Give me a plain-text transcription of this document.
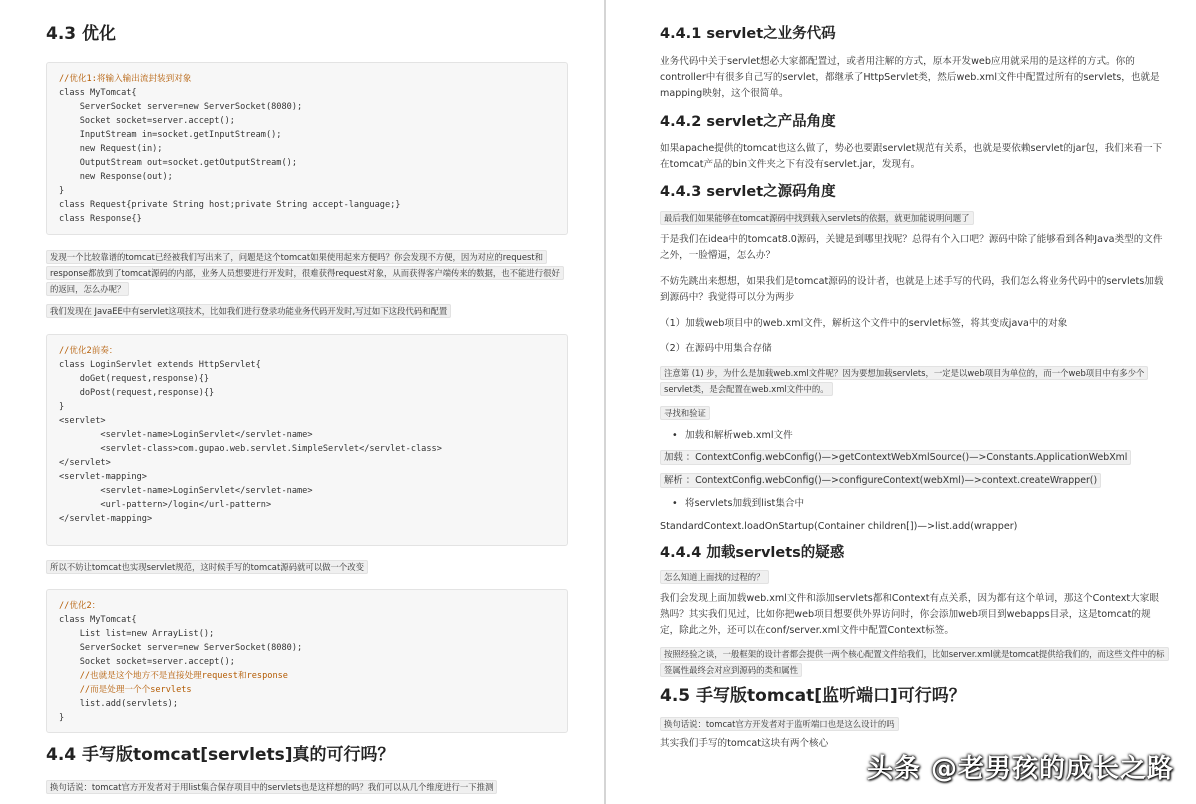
4.3 优化
//优化1:将输入输出流封装到对象
class MyTomcat{
ServerSocket server=new ServerSocket(8080);
Socket socket=server.accept();
InputStream in=socket.getInputStream();
new Request(in);
OutputStream out=socket.getOutputStream();
new Response(out);
}
class Request{private String host;private String accept-language;}
class Response{}
发现一个比较靠谱的tomcat已经被我们写出来了，问题是这个tomcat如果使用起来方便吗？你会发现不方便，因为对应的request和response都放到了tomcat源码的内部，业务人员想要进行开发时，很难获得request对象，从而获得客户端传来的数据，也不能进行很好的返回，怎么办呢？
我们发现在 JavaEE中有servlet这项技术，比如我们进行登录功能业务代码开发时,写过如下这段代码和配置
//优化2前奏：
class LoginServlet extends HttpServlet{
doGet(request,response){}
doPost(request,response){}
}
<servlet>
<servlet-name>LoginServlet</servlet-name>
<servlet-class>com.gupao.web.servlet.SimpleServlet</servlet-class>
</servlet>
<servlet-mapping>
<servlet-name>LoginServlet</servlet-name>
<url-pattern>/login</url-pattern>
</servlet-mapping>
所以不妨让tomcat也实现servlet规范，这时候手写的tomcat源码就可以做一个改变
//优化2：
class MyTomcat{
List list=new ArrayList();
ServerSocket server=new ServerSocket(8080);
Socket socket=server.accept();
//也就是这个地方不是直接处理request和response
//而是处理一个个servlets
list.add(servlets);
}
4.4 手写版tomcat[servlets]真的可行吗？
换句话说：tomcat官方开发者对于用list集合保存项目中的servlets也是这样想的吗？我们可以从几个维度进行一下推测
4.4.1 servlet之业务代码

业务代码中关于servlet想必大家都配置过，或者用注解的方式，原本开发web应用就采用的是这样的方式。你的controller中有很多自己写的servlet，都继承了HttpServlet类，然后web.xml文件中配置过所有的servlets，也就是mapping映射，这个很简单。

4.4.2 servlet之产品角度

如果apache提供的tomcat也这么做了，势必也要跟servlet规范有关系，也就是要依赖servlet的jar包，我们来看一下在tomcat产品的bin文件夹之下有没有servlet.jar，发现有。

4.4.3 servlet之源码角度
最后我们如果能够在tomcat源码中找到载入servlets的依据，就更加能说明问题了

于是我们在idea中的tomcat8.0源码，关键是到哪里找呢？总得有个入口吧？源码中除了能够看到各种Java类型的文件之外，一脸懵逼，怎么办？

不妨先跳出来想想，如果我们是tomcat源码的设计者，也就是上述手写的代码，我们怎么将业务代码中的servlets加载到源码中？我觉得可以分为两步

（1）加载web项目中的web.xml文件，解析这个文件中的servlet标签，将其变成java中的对象

（2）在源码中用集合存储

注意第 (1) 步，为什么是加载web.xml文件呢？因为要想加载servlets，一定是以web项目为单位的，而一个web项目中有多少个servlet类，是会配置在web.xml文件中的。
寻找和验证
• 加载和解析web.xml文件
加载 ：ContextConfig.webConfig()—>getContextWebXmlSource()—>Constants.ApplicationWebXml
解析 ：ContextConfig.webConfig()—>configureContext(webXml)—>context.createWrapper()
• 将servlets加载到list集合中

StandardContext.loadOnStartup(Container children[])—>list.add(wrapper)

4.4.4 加载servlets的疑惑
怎么知道上面找的过程的？

我们会发现上面加载web.xml文件和添加servlets都和Context有点关系，因为都有这个单词，那这个Context大家眼熟吗？其实我们见过，比如你把web项目想要供外界访问时，你会添加web项目到webapps目录，这是tomcat的规定，除此之外，还可以在conf/server.xml文件中配置Context标签。

按照经验之谈，一般框架的设计者都会提供一两个核心配置文件给我们，比如server.xml就是tomcat提供给我们的，而这些文件中的标签属性最终会对应到源码的类和属性
4.5 手写版tomcat[监听端口]可行吗？
换句话说：tomcat官方开发者对于监听端口也是这么设计的吗

其实我们手写的tomcat这块有两个核心

头条 @老男孩的成长之路
